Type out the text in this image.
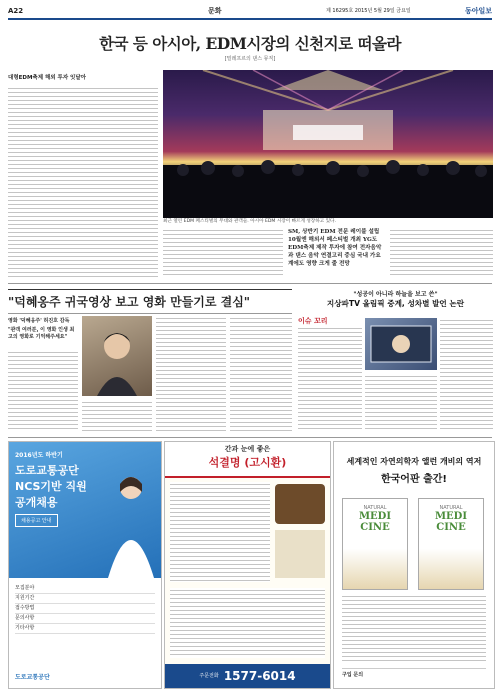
A22	문화	제 16295호 2015년 5월 29일 금요일	동아일보
한국 등 아시아, EDM시장의 신천지로 떠올라
[밀레프르의 댄스 뮤직]
대형EDM축제 해외 투자 잇달아
최근 열린 EDM 페스티벌의 무대와 관객들. 아시아 EDM 시장이 빠르게 성장하고 있다.
SM, 상반기 EDM 전문 레이블 설립 10월엔 해외서 페스티벌 개최 YG도 EDM축제 제작 투자에 참여 전자음악과 댄스 음악 연결고리 중심 국내 가요계에도 영향 크게 줄 전망
"덕혜옹주 귀국영상 보고 영화 만들기로 결심"
영화 '덕혜옹주' 허진호 감독
"관객 여러분, 이 영화 인생 최고의 영화로 기억해주세요"
"성공이 아니라 하늘을 보고 쓴"
지상파TV 올림픽 중계, 성차별 발언 논란
이슈 꼬리
2016년도 하반기
도로교통공단
NCS기반 직원
공개채용
채용공고 안내
모집분야
지원기간
접수방법
문의사항
기타사항
도로교통공단
간과 눈에 좋은
석결명 (고시환)
주문전화 1577-6014
세계적인 자연의학자 앨런 개비의 역저
한국어판 출간!
NATURAL
MEDI CINE
NATURAL
MEDI CINE
구입 문의
